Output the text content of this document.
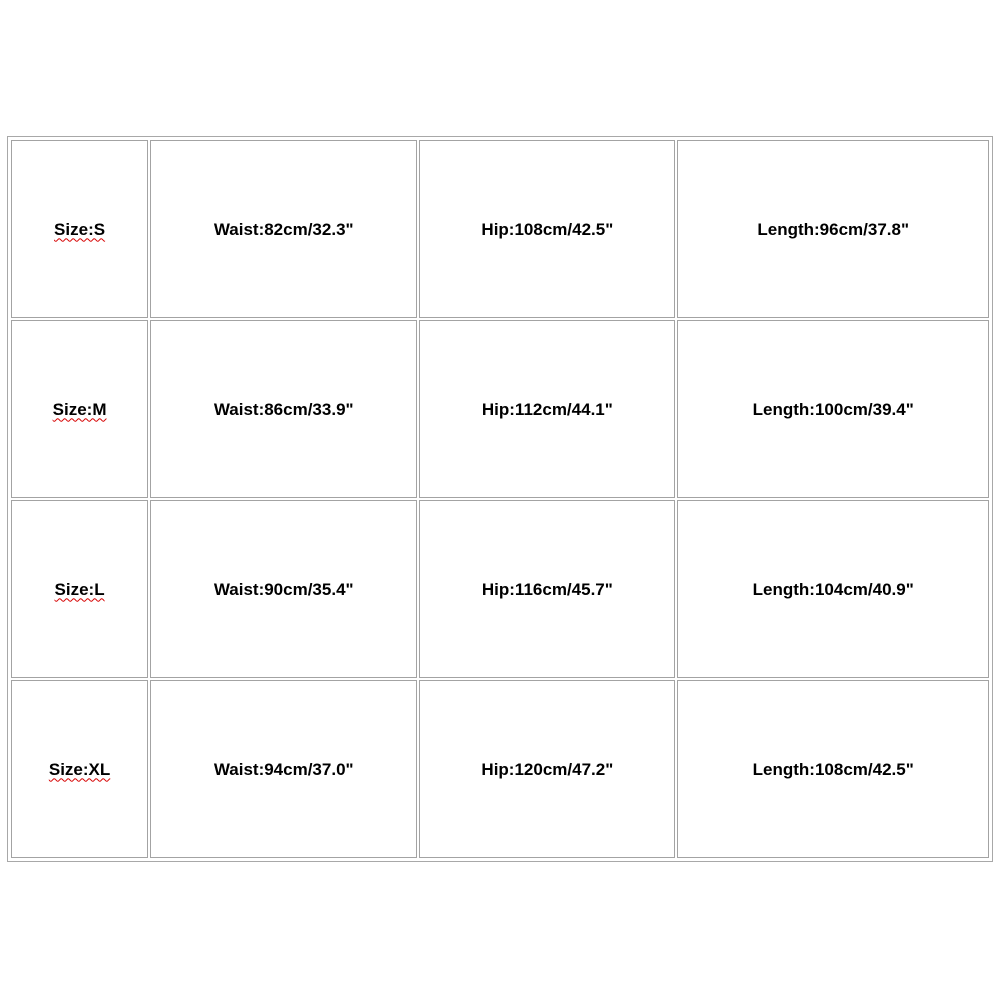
Size:S	Waist:82cm/32.3"	Hip:108cm/42.5"	Length:96cm/37.8"
Size:M	Waist:86cm/33.9"	Hip:112cm/44.1"	Length:100cm/39.4"
Size:L	Waist:90cm/35.4"	Hip:116cm/45.7"	Length:104cm/40.9"
Size:XL	Waist:94cm/37.0"	Hip:120cm/47.2"	Length:108cm/42.5"
